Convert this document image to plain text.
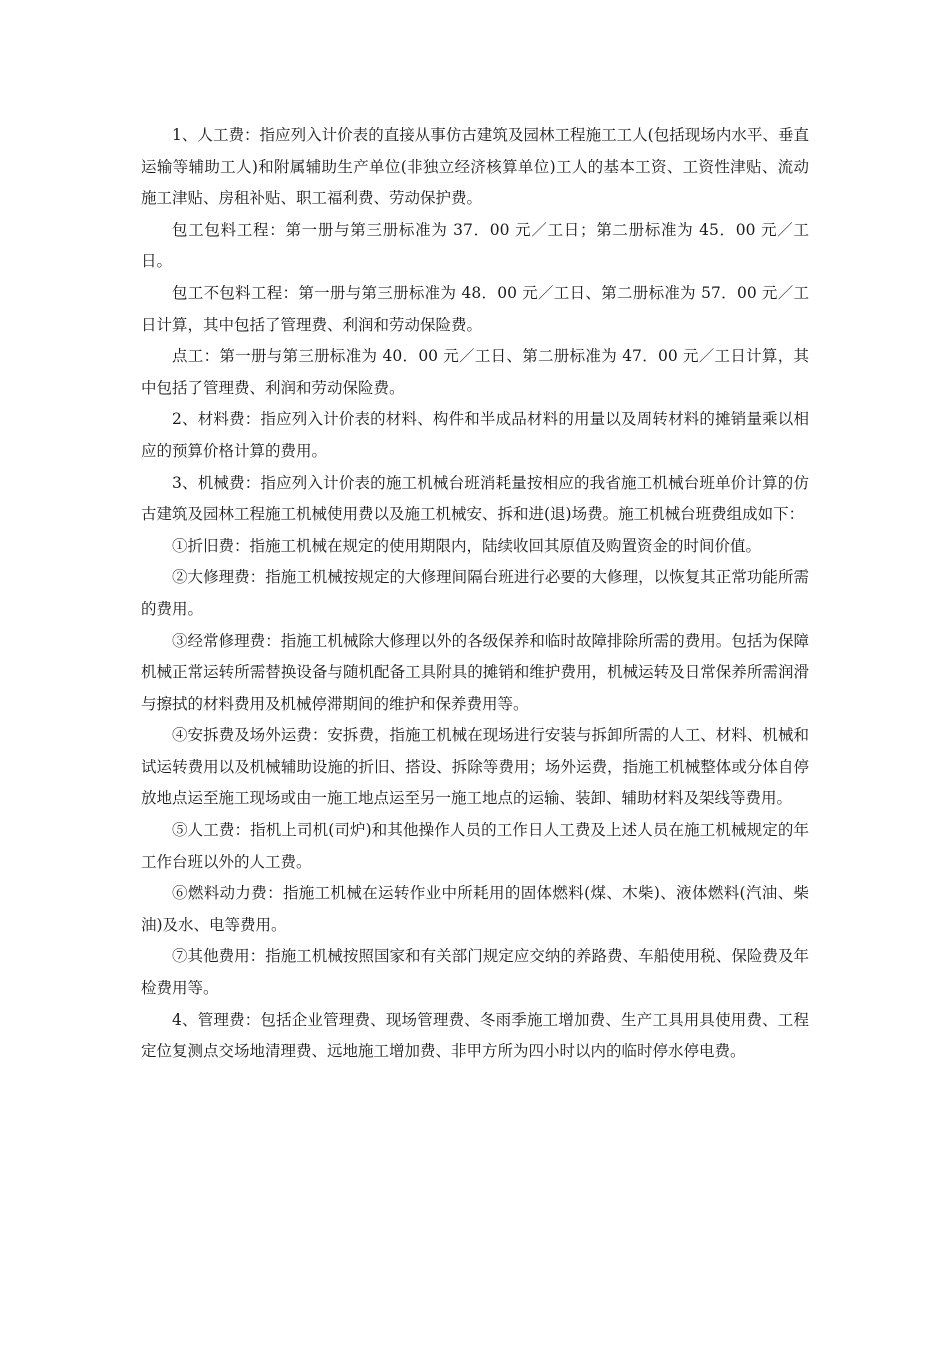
1、人工费：指应列入计价表的直接从事仿古建筑及园林工程施工工人(包括现场内水平、垂直运输等辅助工人)和附属辅助生产单位(非独立经济核算单位)工人的基本工资、工资性津贴、流动施工津贴、房租补贴、职工福利费、劳动保护费。

包工包料工程：第一册与第三册标准为 37．00 元／工日；第二册标准为 45．00 元／工日。

包工不包料工程：第一册与第三册标准为 48．00 元／工日、第二册标准为 57．00 元／工日计算，其中包括了管理费、利润和劳动保险费。

点工：第一册与第三册标准为 40．00 元／工日、第二册标准为 47．00 元／工日计算，其中包括了管理费、利润和劳动保险费。

2、材料费：指应列入计价表的材料、构件和半成品材料的用量以及周转材料的摊销量乘以相应的预算价格计算的费用。

3、机械费：指应列入计价表的施工机械台班消耗量按相应的我省施工机械台班单价计算的仿古建筑及园林工程施工机械使用费以及施工机械安、拆和进(退)场费。施工机械台班费组成如下：

①折旧费：指施工机械在规定的使用期限内，陆续收回其原值及购置资金的时间价值。

②大修理费：指施工机械按规定的大修理间隔台班进行必要的大修理，以恢复其正常功能所需的费用。

③经常修理费：指施工机械除大修理以外的各级保养和临时故障排除所需的费用。包括为保障机械正常运转所需替换设备与随机配备工具附具的摊销和维护费用，机械运转及日常保养所需润滑与擦拭的材料费用及机械停滞期间的维护和保养费用等。

④安拆费及场外运费：安拆费，指施工机械在现场进行安装与拆卸所需的人工、材料、机械和试运转费用以及机械辅助设施的折旧、搭设、拆除等费用；场外运费，指施工机械整体或分体自停放地点运至施工现场或由一施工地点运至另一施工地点的运输、装卸、辅助材料及架线等费用。

⑤人工费：指机上司机(司炉)和其他操作人员的工作日人工费及上述人员在施工机械规定的年工作台班以外的人工费。

⑥燃料动力费：指施工机械在运转作业中所耗用的固体燃料(煤、木柴)、液体燃料(汽油、柴油)及水、电等费用。

⑦其他费用：指施工机械按照国家和有关部门规定应交纳的养路费、车船使用税、保险费及年检费用等。

4、管理费：包括企业管理费、现场管理费、冬雨季施工增加费、生产工具用具使用费、工程定位复测点交场地清理费、远地施工增加费、非甲方所为四小时以内的临时停水停电费。
